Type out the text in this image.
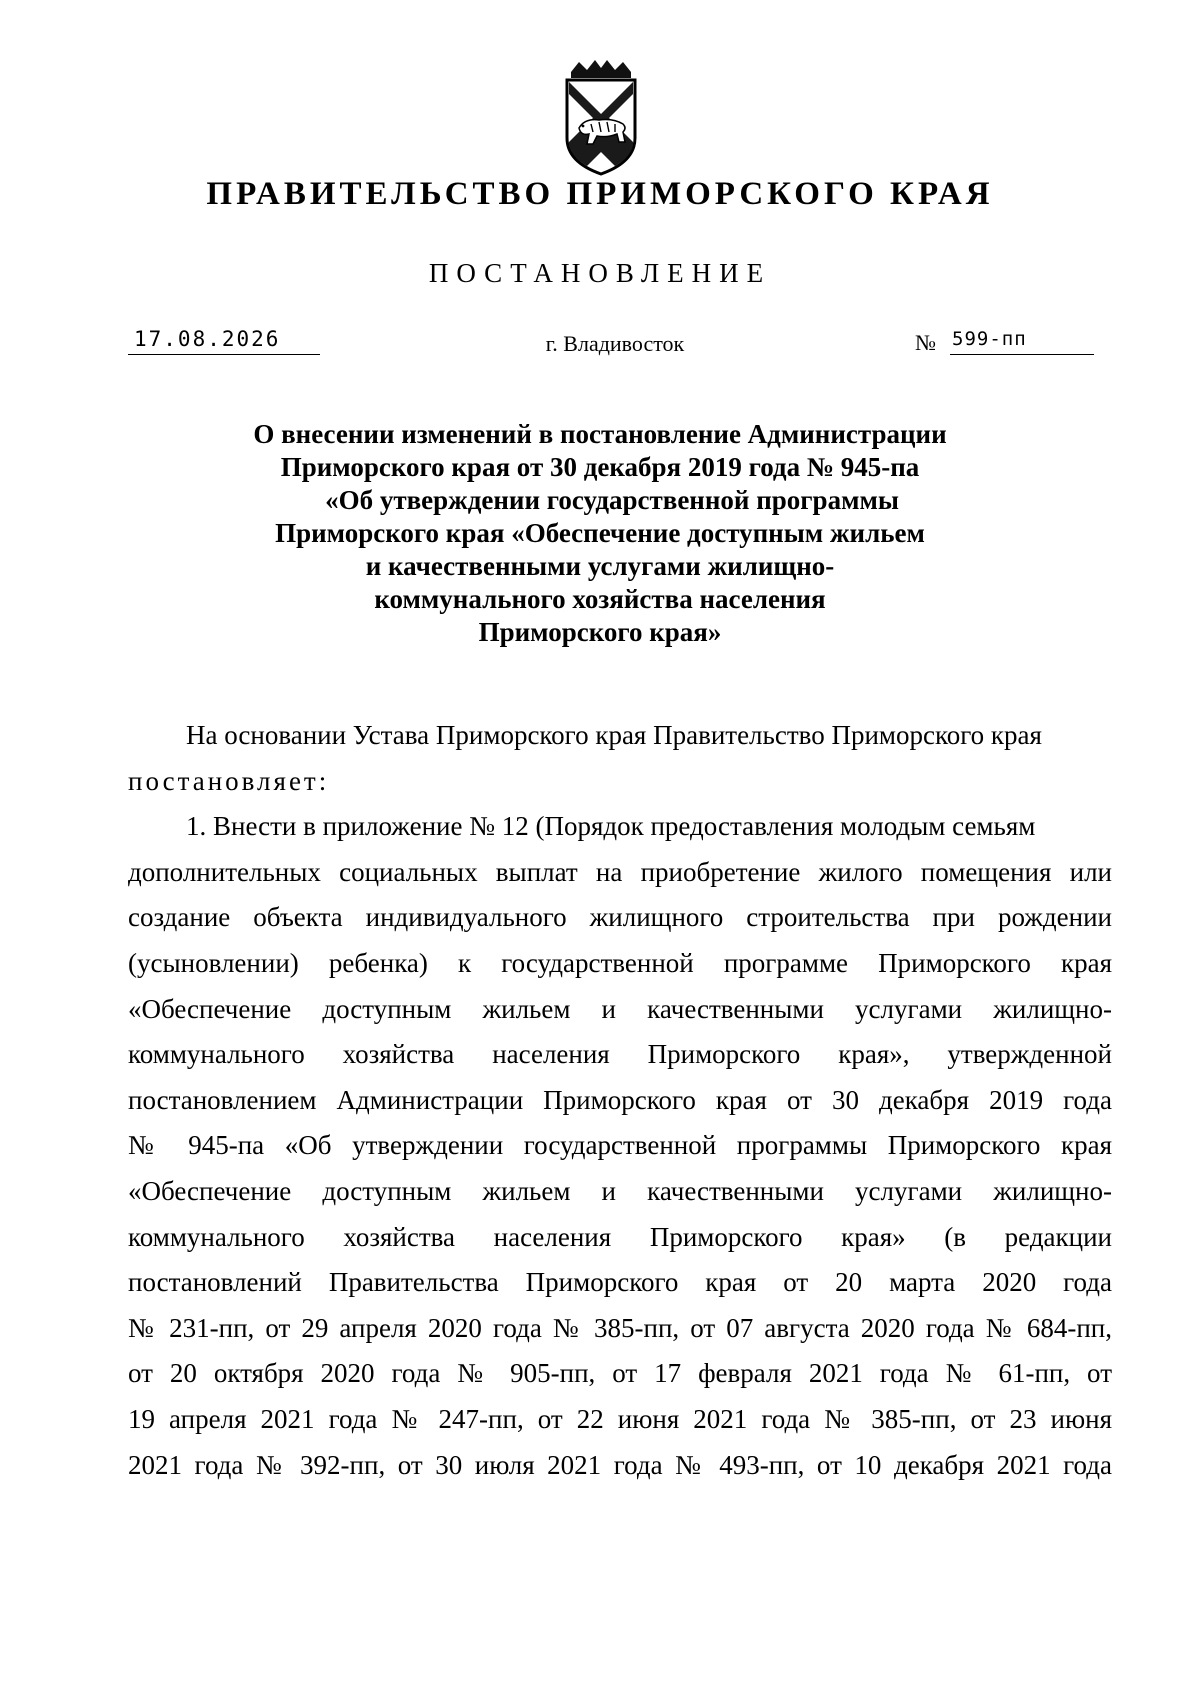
ПРАВИТЕЛЬСТВО ПРИМОРСКОГО КРАЯ
ПОСТАНОВЛЕНИЕ
17.08.2026	г. Владивосток	№ 599-пп
О внесении изменений в постановление Администрации
Приморского края от 30 декабря 2019 года № 945-па
«Об утверждении государственной программы
Приморского края «Обеспечение доступным жильем
и качественными услугами жилищно-
коммунального хозяйства населения
Приморского края»
На основании Устава Приморского края Правительство Приморского края
постановляет:
1. Внести в приложение № 12 (Порядок предоставления молодым семьям
дополнительных социальных выплат на приобретение жилого помещения или
создание объекта индивидуального жилищного строительства при рождении
(усыновлении) ребенка) к государственной программе Приморского края
«Обеспечение доступным жильем и качественными услугами жилищно-
коммунального хозяйства населения Приморского края», утвержденной
постановлением Администрации Приморского края от 30 декабря 2019 года
№ 945-па «Об утверждении государственной программы Приморского края
«Обеспечение доступным жильем и качественными услугами жилищно-
коммунального хозяйства населения Приморского края» (в редакции
постановлений Правительства Приморского края от 20 марта 2020 года
№ 231-пп, от 29 апреля 2020 года № 385-пп, от 07 августа 2020 года № 684-пп,
от 20 октября 2020 года № 905-пп, от 17 февраля 2021 года № 61-пп, от
19 апреля 2021 года № 247-пп, от 22 июня 2021 года № 385-пп, от 23 июня
2021 года № 392-пп, от 30 июля 2021 года № 493-пп, от 10 декабря 2021 года
